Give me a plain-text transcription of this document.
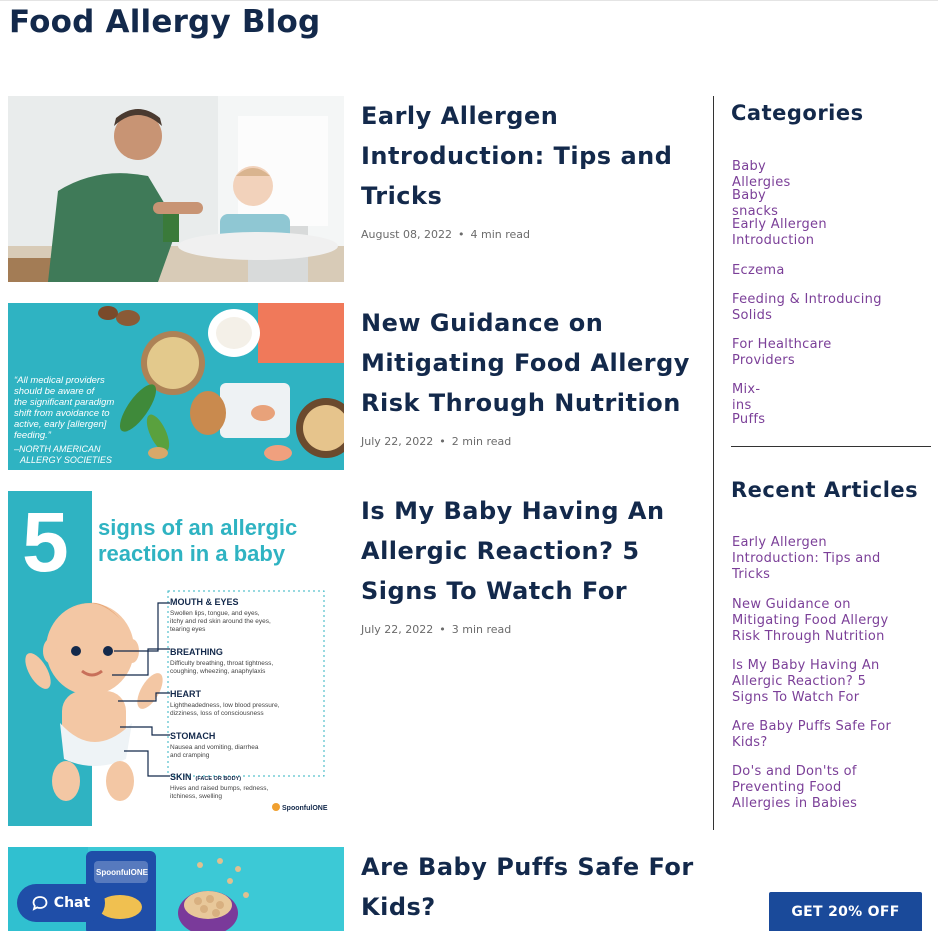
Food Allergy Blog
Early Allergen
Introduction: Tips and
Tricks
August 08, 2022 • 4 min read
“All medical providers should be aware of the significant paradigm shift from avoidance to active, early [allergen] feeding.”
–NORTH AMERICAN ALLERGY SOCIETIES
New Guidance on
Mitigating Food Allergy
Risk Through Nutrition
July 22, 2022 • 2 min read
5 signs of an allergic reaction in a baby
MOUTH & EYES
Swollen lips, tongue, and eyes,
itchy and red skin around the eyes,
tearing eyes
BREATHING
Difficulty breathing, throat tightness,
coughing, wheezing, anaphylaxis
HEART
Lightheadedness, low blood pressure,
dizziness, loss of consciousness
STOMACH
Nausea and vomiting, diarrhea
and cramping
SKIN (FACE OR BODY)
Hives and raised bumps, redness,
itchiness, swelling
SpoonfulONE
Is My Baby Having An
Allergic Reaction? 5
Signs To Watch For
July 22, 2022 • 3 min read
SpoonfulONE	Are Baby Puffs Safe For
Kids?
Categories
Baby Allergies
Baby snacks
Early Allergen
Introduction
Eczema
Feeding & Introducing
Solids
For Healthcare
Providers
Mix-ins
Puffs
Recent Articles
Early Allergen
Introduction: Tips and
Tricks
New Guidance on
Mitigating Food Allergy
Risk Through Nutrition
Is My Baby Having An
Allergic Reaction? 5
Signs To Watch For
Are Baby Puffs Safe For
Kids?
Do's and Don'ts of
Preventing Food
Allergies in Babies
Chat
GET 20% OFF
